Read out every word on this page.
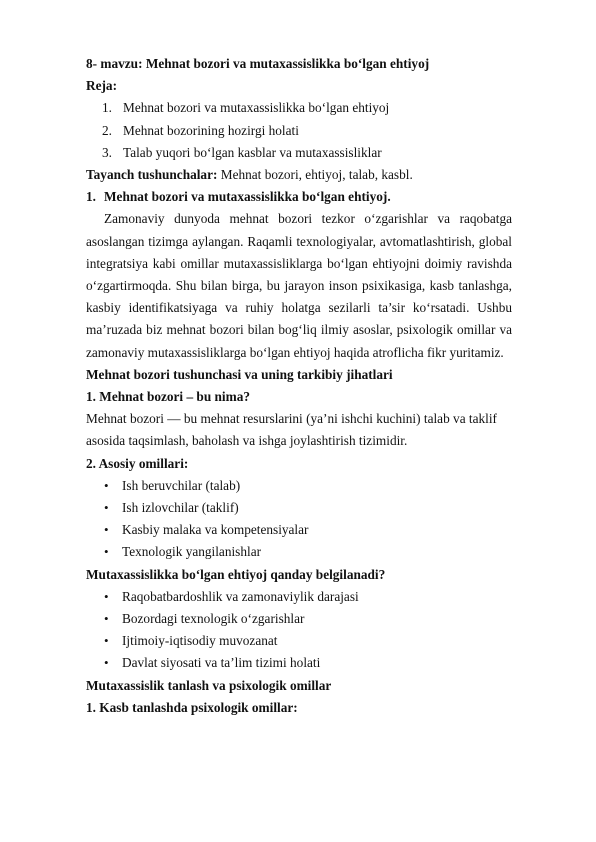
8- mavzu: Mehnat bozori va mutaxassislikka bo‘lgan ehtiyoj

Reja:

1. Mehnat bozori va mutaxassislikka bo‘lgan ehtiyoj
2. Mehnat bozorining hozirgi holati
3. Talab yuqori bo‘lgan kasblar va mutaxassisliklar

Tayanch tushunchalar: Mehnat bozori, ehtiyoj, talab, kasbl.

1. Mehnat bozori va mutaxassislikka bo‘lgan ehtiyoj.

Zamonaviy dunyoda mehnat bozori tezkor o‘zgarishlar va raqobatga asoslangan tizimga aylangan. Raqamli texnologiyalar, avtomatlashtirish, global integratsiya kabi omillar mutaxassisliklarga bo‘lgan ehtiyojni doimiy ravishda o‘zgartirmoqda. Shu bilan birga, bu jarayon inson psixikasiga, kasb tanlashga, kasbiy identifikatsiyaga va ruhiy holatga sezilarli ta’sir ko‘rsatadi. Ushbu ma’ruzada biz mehnat bozori bilan bog‘liq ilmiy asoslar, psixologik omillar va zamonaviy mutaxassisliklarga bo‘lgan ehtiyoj haqida atroflicha fikr yuritamiz.

Mehnat bozori tushunchasi va uning tarkibiy jihatlari

1. Mehnat bozori – bu nima?

Mehnat bozori — bu mehnat resurslarini (ya’ni ishchi kuchini) talab va taklif

asosida taqsimlash, baholash va ishga joylashtirish tizimidir.

2. Asosiy omillari:

• Ish beruvchilar (talab)
• Ish izlovchilar (taklif)
• Kasbiy malaka va kompetensiyalar
• Texnologik yangilanishlar

Mutaxassislikka bo‘lgan ehtiyoj qanday belgilanadi?

• Raqobatbardoshlik va zamonaviylik darajasi
• Bozordagi texnologik o‘zgarishlar
• Ijtimoiy-iqtisodiy muvozanat
• Davlat siyosati va ta’lim tizimi holati

Mutaxassislik tanlash va psixologik omillar

1. Kasb tanlashda psixologik omillar:
